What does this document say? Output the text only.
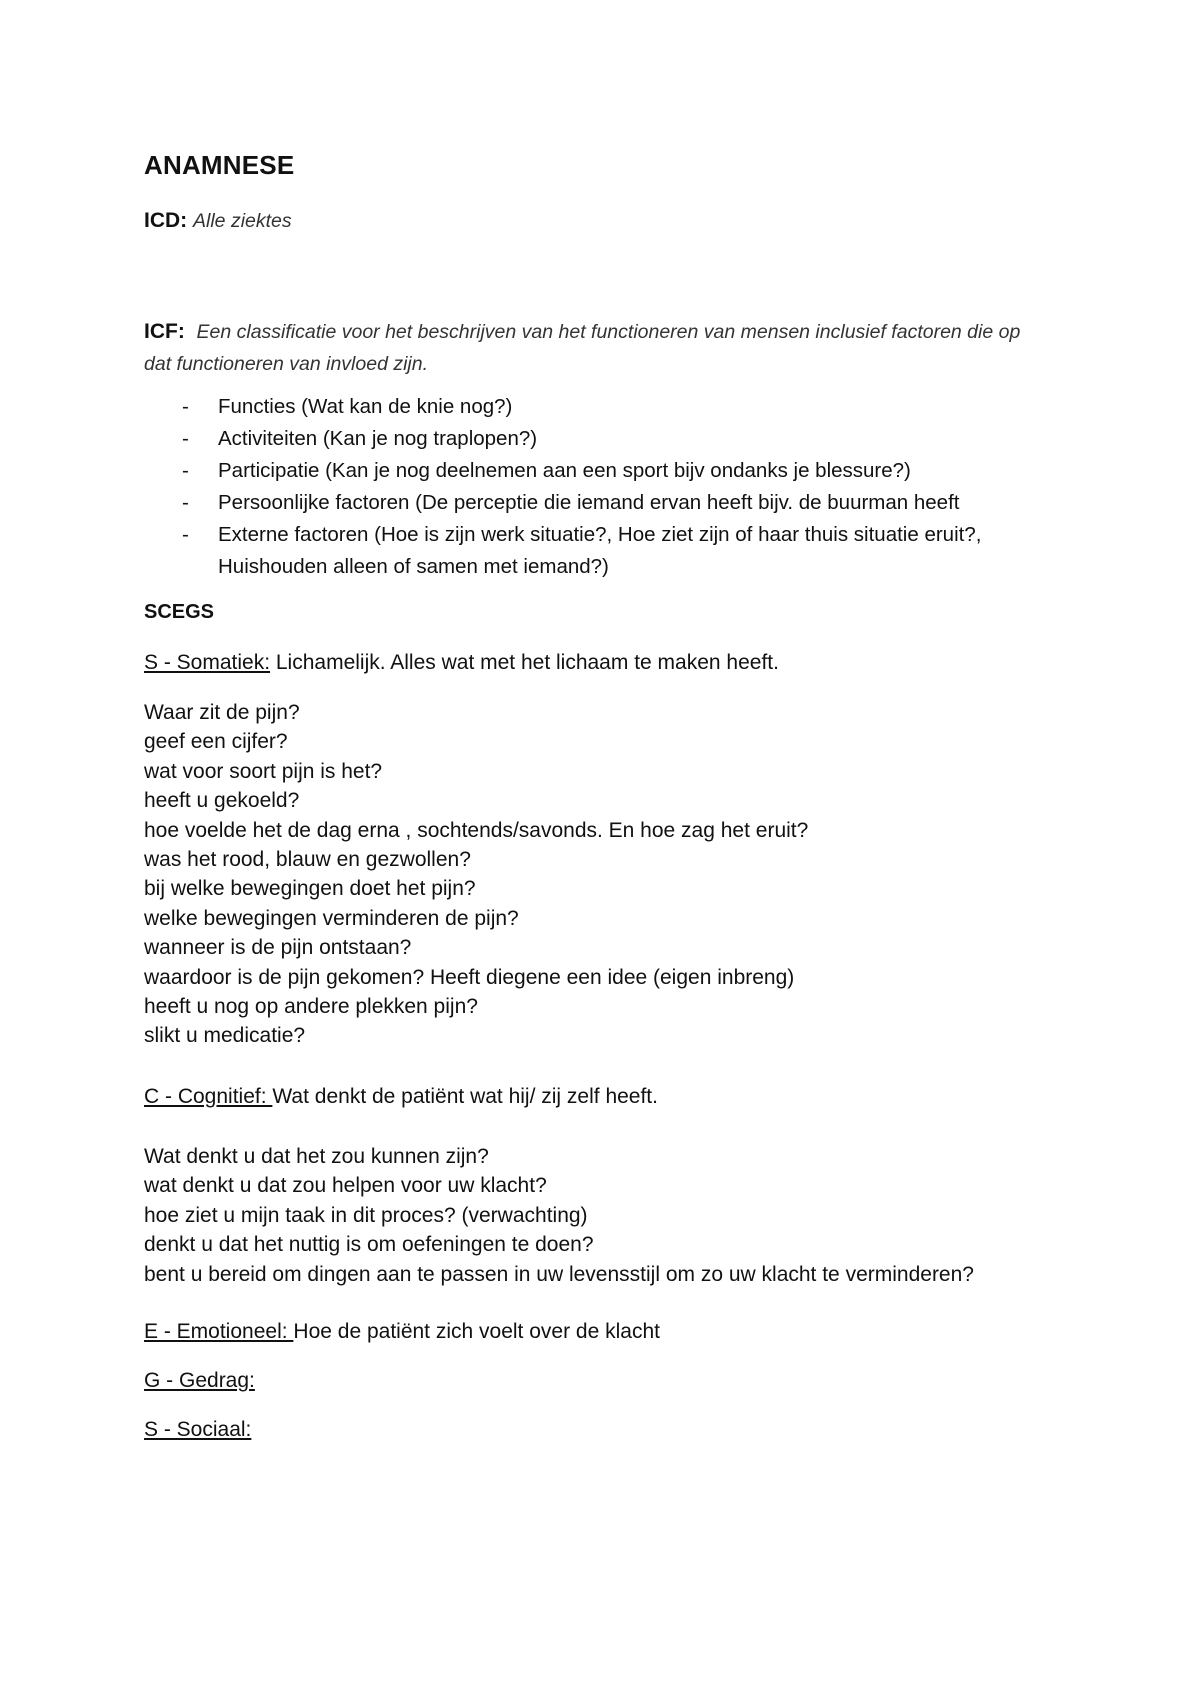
ANAMNESE

ICD: Alle ziektes

ICF: Een classificatie voor het beschrijven van het functioneren van mensen inclusief factoren die op dat functioneren van invloed zijn.

- Functies (Wat kan de knie nog?)
- Activiteiten (Kan je nog traplopen?)
- Participatie (Kan je nog deelnemen aan een sport bijv ondanks je blessure?)
- Persoonlijke factoren (De perceptie die iemand ervan heeft bijv. de buurman heeft
- Externe factoren (Hoe is zijn werk situatie?, Hoe ziet zijn of haar thuis situatie eruit?, Huishouden alleen of samen met iemand?)

SCEGS

S - Somatiek: Lichamelijk. Alles wat met het lichaam te maken heeft.

Waar zit de pijn?
geef een cijfer?
wat voor soort pijn is het?
heeft u gekoeld?
hoe voelde het de dag erna , sochtends/savonds. En hoe zag het eruit?
was het rood, blauw en gezwollen?
bij welke bewegingen doet het pijn?
welke bewegingen verminderen de pijn?
wanneer is de pijn ontstaan?
waardoor is de pijn gekomen? Heeft diegene een idee (eigen inbreng)
heeft u nog op andere plekken pijn?
slikt u medicatie?

C - Cognitief: Wat denkt de patiënt wat hij/ zij zelf heeft.

Wat denkt u dat het zou kunnen zijn?
wat denkt u dat zou helpen voor uw klacht?
hoe ziet u mijn taak in dit proces? (verwachting)
denkt u dat het nuttig is om oefeningen te doen?
bent u bereid om dingen aan te passen in uw levensstijl om zo uw klacht te verminderen?

E - Emotioneel: Hoe de patiënt zich voelt over de klacht

G - Gedrag:

S - Sociaal:
